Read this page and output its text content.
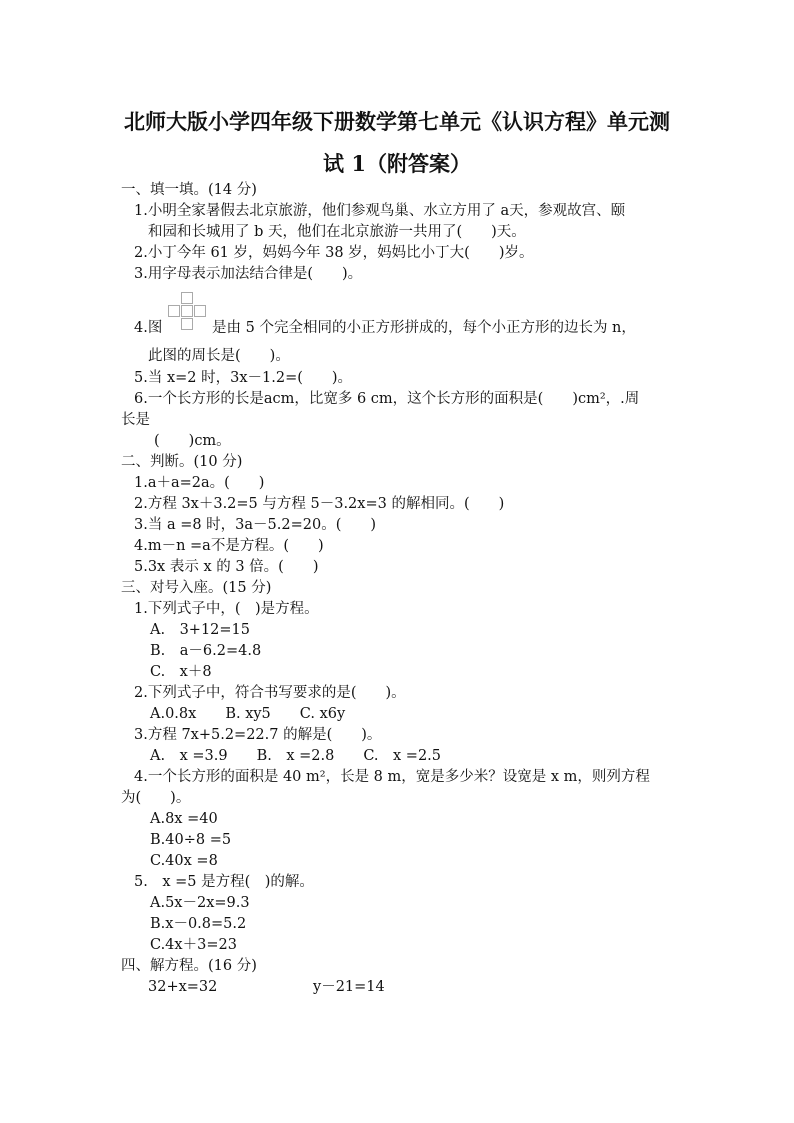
北师大版小学四年级下册数学第七单元《认识方程》单元测
试 1（附答案）
一、填一填。(14 分)
1.小明全家暑假去北京旅游，他们参观鸟巢、水立方用了 a天，参观故宫、颐
和园和长城用了 b 天，他们在北京旅游一共用了(　　)天。
2.小丁今年 61 岁，妈妈今年 38 岁，妈妈比小丁大(　　)岁。
3.用字母表示加法结合律是(　　)。
4.图	是由 5 个完全相同的小正方形拼成的，每个小正方形的边长为 n，
此图的周长是(　　)。
5.当 x=2 时，3x－1.2=(　　)。
6.一个长方形的长是acm，比宽多 6 cm，这个长方形的面积是(　　)cm²，.周
长是
(　　)cm。
二、判断。(10 分)
1.a＋a=2a。(　　)
2.方程 3x＋3.2=5 与方程 5－3.2x=3 的解相同。(　　)
3.当 a =8 时，3a－5.2=20。(　　)
4.m－n =a不是方程。(　　)
5.3x 表示 x 的 3 倍。(　　)
三、对号入座。(15 分)
1.下列式子中，(　)是方程。
A.　3+12=15
B.　a－6.2=4.8
C.　x＋8
2.下列式子中，符合书写要求的是(　　)。
A.0.8x　　B. xy5　　C. x6y
3.方程 7x+5.2=22.7 的解是(　　)。
A.　x =3.9　　B.　x =2.8　　C.　x =2.5
4.一个长方形的面积是 40 m²，长是 8 m，宽是多少米？设宽是 x m，则列方程
为(　　)。
A.8x =40
B.40÷8 =5
C.40x =8
5.　x =5 是方程(　)的解。
A.5x－2x=9.3
B.x－0.8=5.2
C.4x＋3=23
四、解方程。(16 分)
32+x=32	y－21=14
